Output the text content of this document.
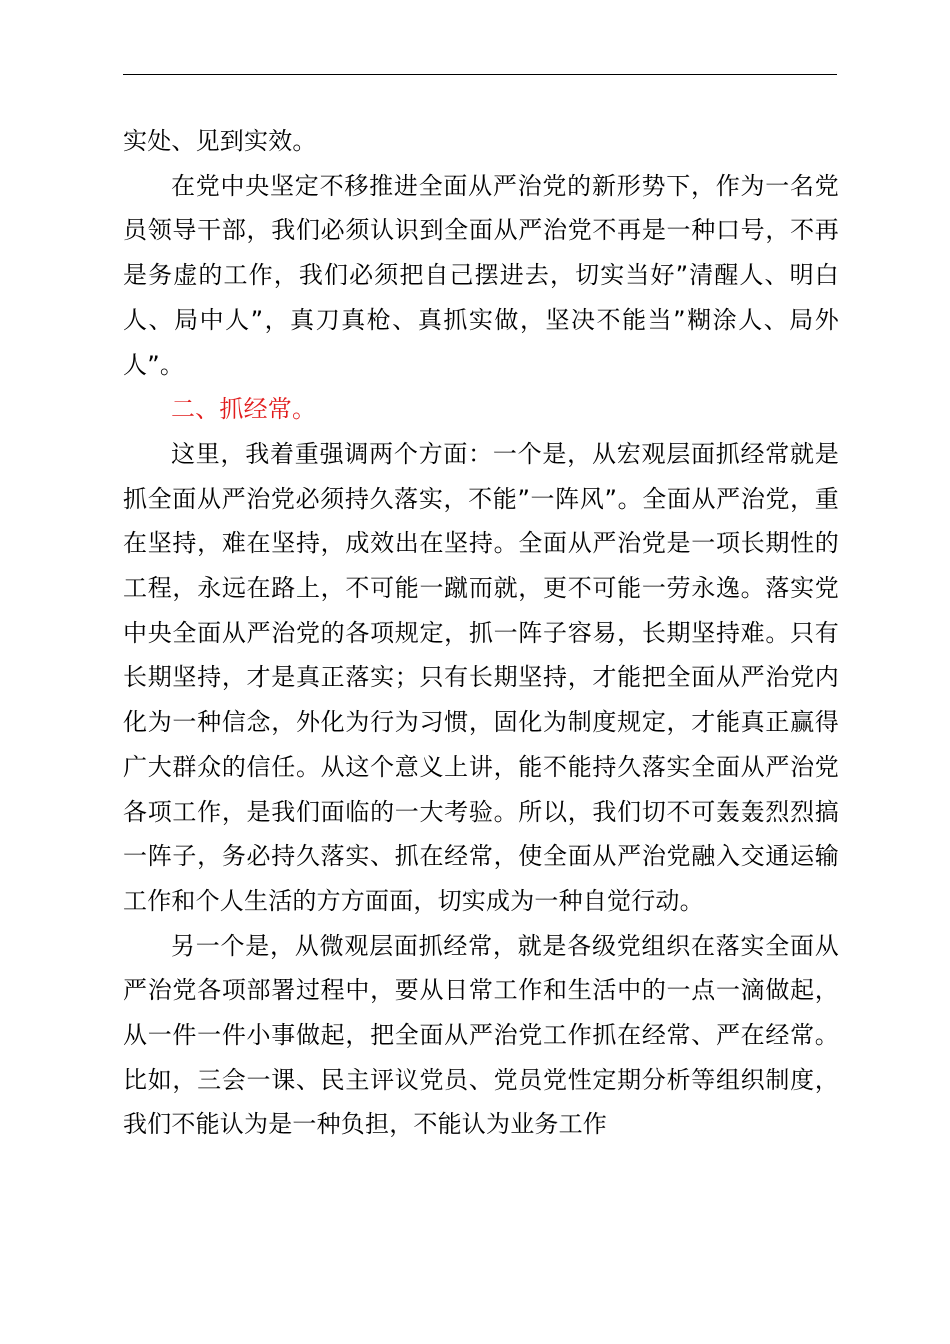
实处、见到实效。

在党中央坚定不移推进全面从严治党的新形势下，作为一名党员领导干部，我们必须认识到全面从严治党不再是一种口号，不再是务虚的工作，我们必须把自己摆进去，切实当好”清醒人、明白人、局中人”，真刀真枪、真抓实做，坚决不能当”糊涂人、局外人”。

二、抓经常。

这里，我着重强调两个方面：一个是，从宏观层面抓经常就是抓全面从严治党必须持久落实，不能”一阵风”。全面从严治党，重在坚持，难在坚持，成效出在坚持。全面从严治党是一项长期性的工程，永远在路上，不可能一蹴而就，更不可能一劳永逸。落实党中央全面从严治党的各项规定，抓一阵子容易，长期坚持难。只有长期坚持，才是真正落实；只有长期坚持，才能把全面从严治党内化为一种信念，外化为行为习惯，固化为制度规定，才能真正赢得广大群众的信任。从这个意义上讲，能不能持久落实全面从严治党各项工作，是我们面临的一大考验。所以，我们切不可轰轰烈烈搞一阵子，务必持久落实、抓在经常，使全面从严治党融入交通运输工作和个人生活的方方面面，切实成为一种自觉行动。

另一个是，从微观层面抓经常，就是各级党组织在落实全面从严治党各项部署过程中，要从日常工作和生活中的一点一滴做起，从一件一件小事做起，把全面从严治党工作抓在经常、严在经常。比如，三会一课、民主评议党员、党员党性定期分析等组织制度，我们不能认为是一种负担，不能认为业务工作
